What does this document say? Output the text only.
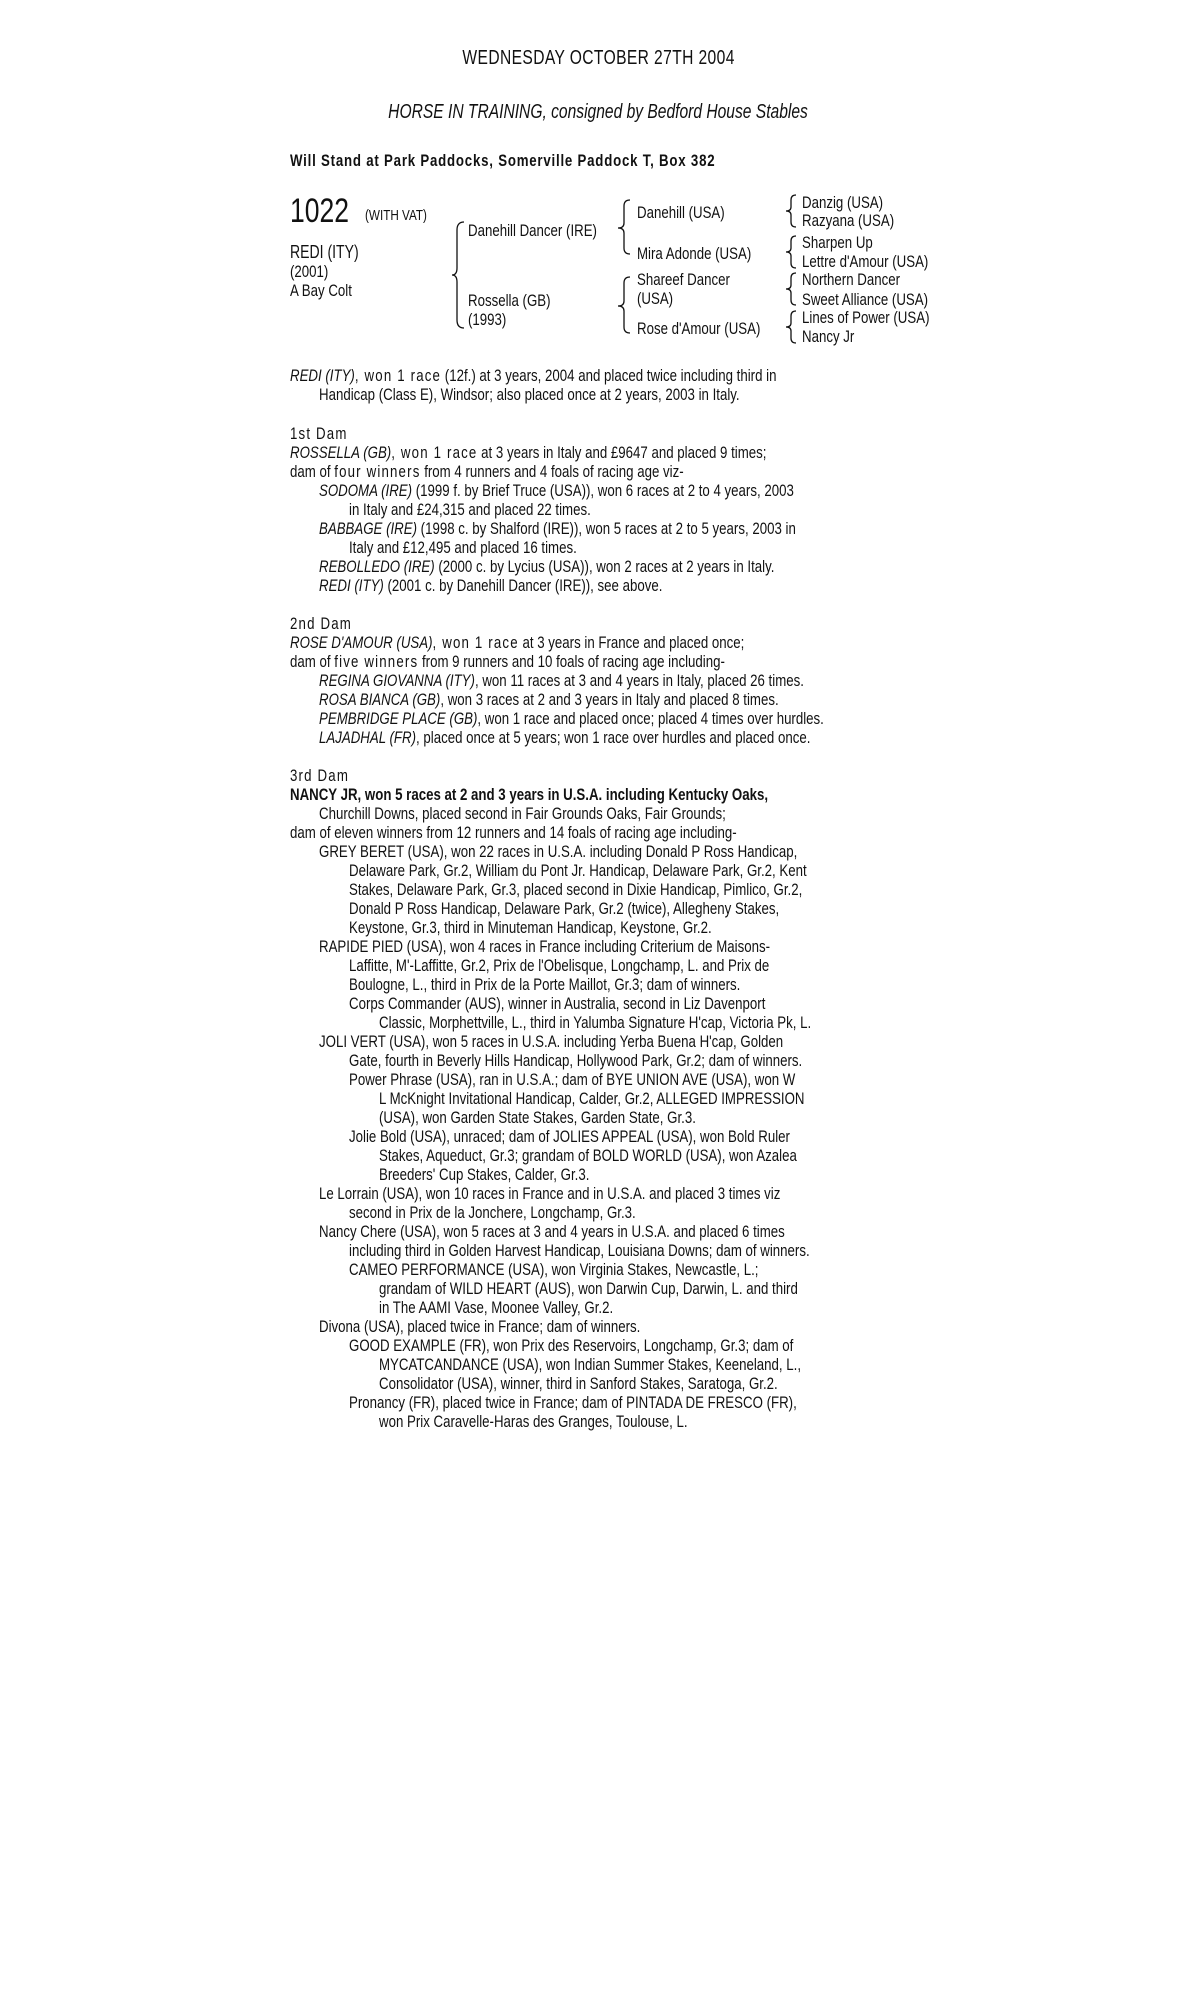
WEDNESDAY OCTOBER 27TH 2004
HORSE IN TRAINING, consigned by Bedford House Stables
Will Stand at Park Paddocks, Somerville Paddock T, Box 382
1022	(WITH VAT)
REDI (ITY)
(2001)
A Bay Colt
Danehill Dancer (IRE)
Rossella (GB)
(1993)
Danehill (USA)
Mira Adonde (USA)
Shareef Dancer
(USA)
Rose d'Amour (USA)
Danzig (USA)
Razyana (USA)
Sharpen Up
Lettre d'Amour (USA)
Northern Dancer
Sweet Alliance (USA)
Lines of Power (USA)
Nancy Jr
REDI (ITY), won 1 race (12f.) at 3 years, 2004 and placed twice including third in
Handicap (Class E), Windsor; also placed once at 2 years, 2003 in Italy.
1st Dam
ROSSELLA (GB), won 1 race at 3 years in Italy and £9647 and placed 9 times;
dam of four winners from 4 runners and 4 foals of racing age viz-
SODOMA (IRE) (1999 f. by Brief Truce (USA)), won 6 races at 2 to 4 years, 2003
in Italy and £24,315 and placed 22 times.
BABBAGE (IRE) (1998 c. by Shalford (IRE)), won 5 races at 2 to 5 years, 2003 in
Italy and £12,495 and placed 16 times.
REBOLLEDO (IRE) (2000 c. by Lycius (USA)), won 2 races at 2 years in Italy.
REDI (ITY) (2001 c. by Danehill Dancer (IRE)), see above.
2nd Dam
ROSE D'AMOUR (USA), won 1 race at 3 years in France and placed once;
dam of five winners from 9 runners and 10 foals of racing age including-
REGINA GIOVANNA (ITY), won 11 races at 3 and 4 years in Italy, placed 26 times.
ROSA BIANCA (GB), won 3 races at 2 and 3 years in Italy and placed 8 times.
PEMBRIDGE PLACE (GB), won 1 race and placed once; placed 4 times over hurdles.
LAJADHAL (FR), placed once at 5 years; won 1 race over hurdles and placed once.
3rd Dam
NANCY JR, won 5 races at 2 and 3 years in U.S.A. including Kentucky Oaks,
Churchill Downs, placed second in Fair Grounds Oaks, Fair Grounds;
dam of eleven winners from 12 runners and 14 foals of racing age including-
GREY BERET (USA), won 22 races in U.S.A. including Donald P Ross Handicap,
Delaware Park, Gr.2, William du Pont Jr. Handicap, Delaware Park, Gr.2, Kent
Stakes, Delaware Park, Gr.3, placed second in Dixie Handicap, Pimlico, Gr.2,
Donald P Ross Handicap, Delaware Park, Gr.2 (twice), Allegheny Stakes,
Keystone, Gr.3, third in Minuteman Handicap, Keystone, Gr.2.
RAPIDE PIED (USA), won 4 races in France including Criterium de Maisons-
Laffitte, M'-Laffitte, Gr.2, Prix de l'Obelisque, Longchamp, L. and Prix de
Boulogne, L., third in Prix de la Porte Maillot, Gr.3; dam of winners.
Corps Commander (AUS), winner in Australia, second in Liz Davenport
Classic, Morphettville, L., third in Yalumba Signature H'cap, Victoria Pk, L.
JOLI VERT (USA), won 5 races in U.S.A. including Yerba Buena H'cap, Golden
Gate, fourth in Beverly Hills Handicap, Hollywood Park, Gr.2; dam of winners.
Power Phrase (USA), ran in U.S.A.; dam of BYE UNION AVE (USA), won W
L McKnight Invitational Handicap, Calder, Gr.2, ALLEGED IMPRESSION
(USA), won Garden State Stakes, Garden State, Gr.3.
Jolie Bold (USA), unraced; dam of JOLIES APPEAL (USA), won Bold Ruler
Stakes, Aqueduct, Gr.3; grandam of BOLD WORLD (USA), won Azalea
Breeders' Cup Stakes, Calder, Gr.3.
Le Lorrain (USA), won 10 races in France and in U.S.A. and placed 3 times viz
second in Prix de la Jonchere, Longchamp, Gr.3.
Nancy Chere (USA), won 5 races at 3 and 4 years in U.S.A. and placed 6 times
including third in Golden Harvest Handicap, Louisiana Downs; dam of winners.
CAMEO PERFORMANCE (USA), won Virginia Stakes, Newcastle, L.;
grandam of WILD HEART (AUS), won Darwin Cup, Darwin, L. and third
in The AAMI Vase, Moonee Valley, Gr.2.
Divona (USA), placed twice in France; dam of winners.
GOOD EXAMPLE (FR), won Prix des Reservoirs, Longchamp, Gr.3; dam of
MYCATCANDANCE (USA), won Indian Summer Stakes, Keeneland, L.,
Consolidator (USA), winner, third in Sanford Stakes, Saratoga, Gr.2.
Pronancy (FR), placed twice in France; dam of PINTADA DE FRESCO (FR),
won Prix Caravelle-Haras des Granges, Toulouse, L.
